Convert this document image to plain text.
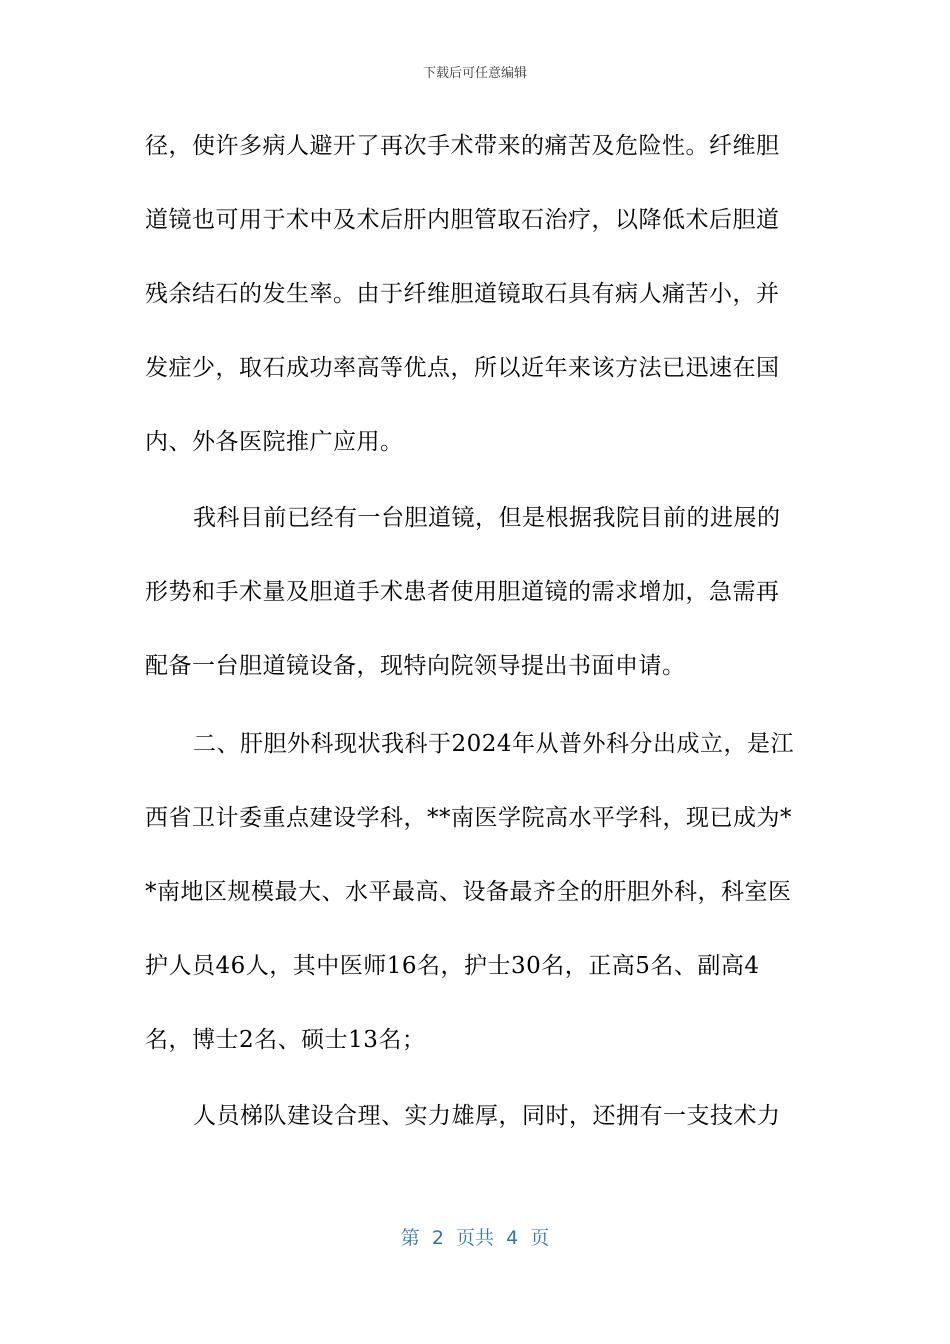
下载后可任意编辑
径，使许多病人避开了再次手术带来的痛苦及危险性。纤维胆
道镜也可用于术中及术后肝内胆管取石治疗，以降低术后胆道
残余结石的发生率。由于纤维胆道镜取石具有病人痛苦小，并
发症少，取石成功率高等优点，所以近年来该方法已迅速在国
内、外各医院推广应用。
我科目前已经有一台胆道镜，但是根据我院目前的进展的
形势和手术量及胆道手术患者使用胆道镜的需求增加，急需再
配备一台胆道镜设备，现特向院领导提出书面申请。
二、肝胆外科现状我科于2024年从普外科分出成立，是江
西省卫计委重点建设学科，**南医学院高水平学科，现已成为*
*南地区规模最大、水平最高、设备最齐全的肝胆外科，科室医
护人员46人，其中医师16名，护士30名，正高5名、副高4
名，博士2名、硕士13名；
人员梯队建设合理、实力雄厚，同时，还拥有一支技术力
第  2  页共  4  页
